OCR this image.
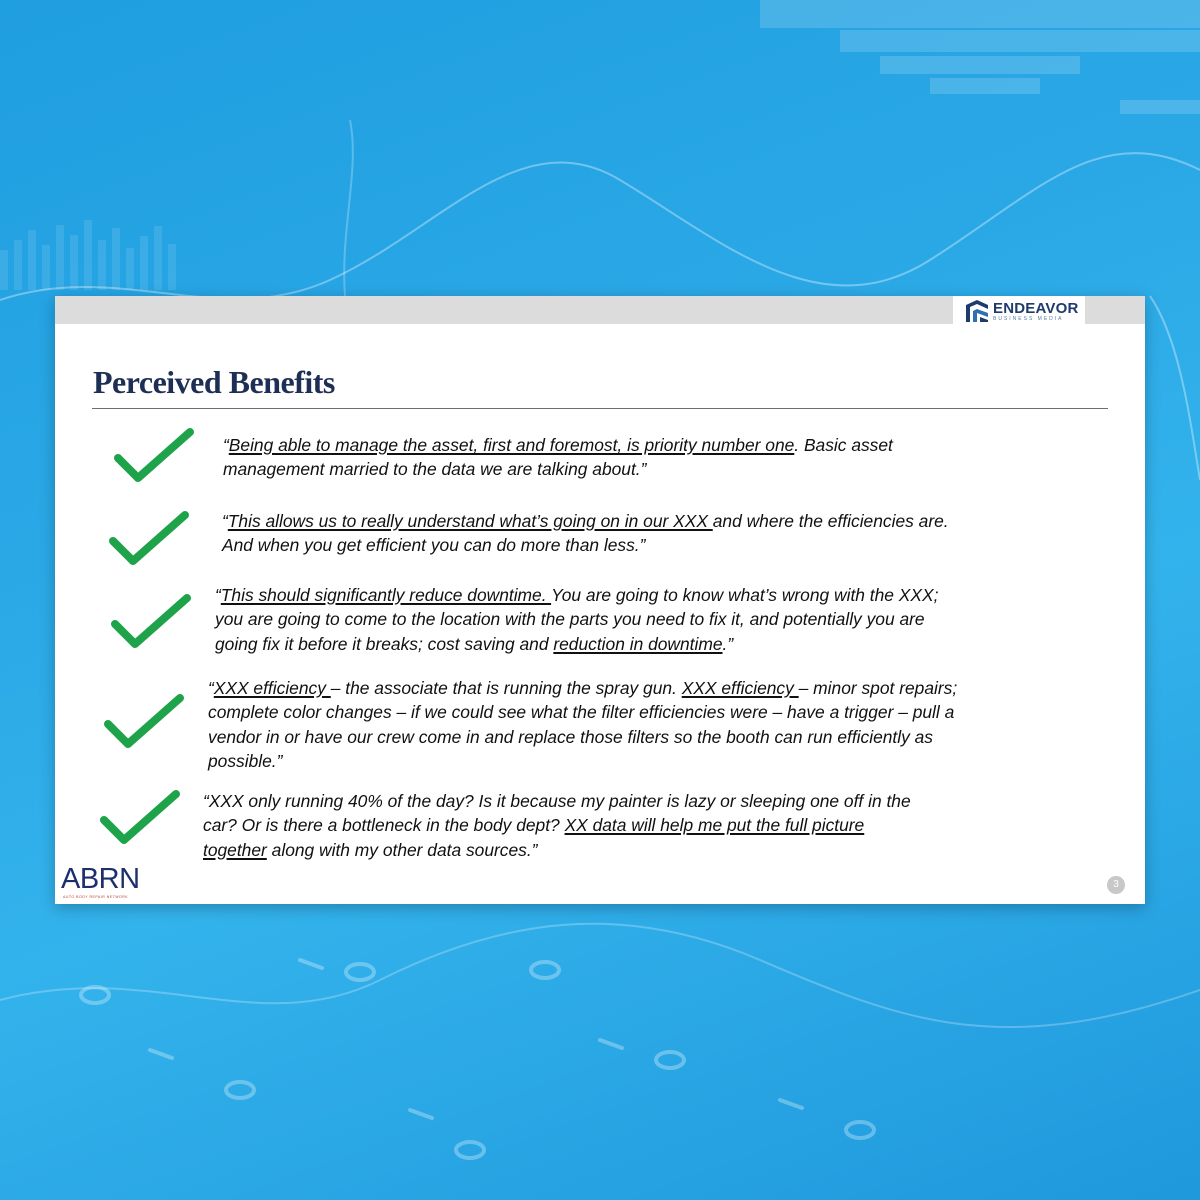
ENDEAVOR
BUSINESS MEDIA
Perceived Benefits

“Being able to manage the asset, first and foremost, is priority number one. Basic asset
management married to the data we are talking about.”

“This allows us to really understand what’s going on in our XXX and where the efficiencies are.
And when you get efficient you can do more than less.”

“This should significantly reduce downtime. You are going to know what’s wrong with the XXX;
you are going to come to the location with the parts you need to fix it, and potentially you are
going fix it before it breaks; cost saving and reduction in downtime.”

“XXX efficiency – the associate that is running the spray gun. XXX efficiency – minor spot repairs;
complete color changes – if we could see what the filter efficiencies were – have a trigger – pull a
vendor in or have our crew come in and replace those filters so the booth can run efficiently as
possible.”

“XXX only running 40% of the day? Is it because my painter is lazy or sleeping one off in the
car? Or is there a bottleneck in the body dept? XX data will help me put the full picture
together along with my other data sources.”

ABRN
AUTO BODY REPAIR NETWORK
3
